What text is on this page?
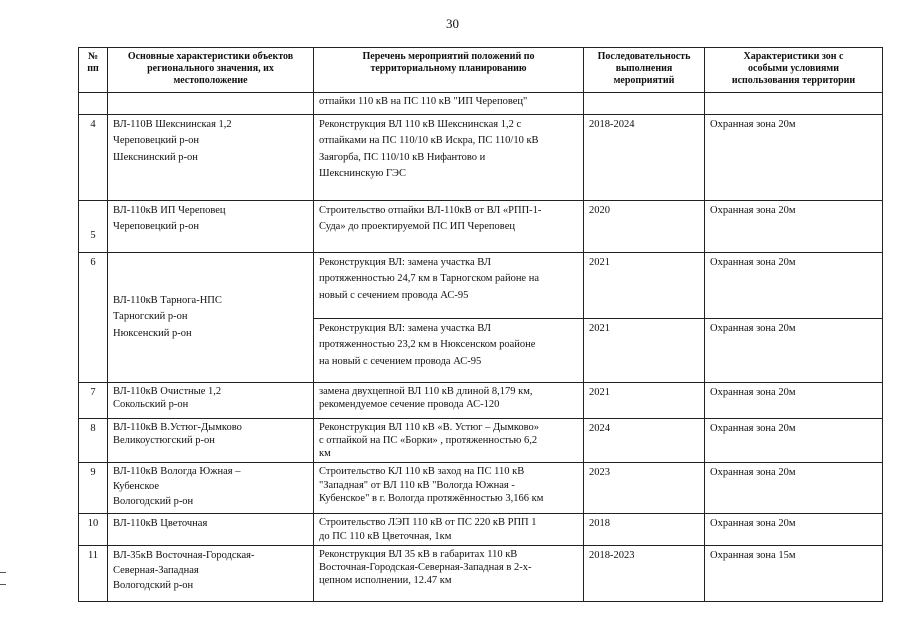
30
№
пп	Основные характеристики объектов
регионального значения, их
местоположение	Перечень мероприятий положений по
территориальному планированию	Последовательность
выполнения
мероприятий	Характеристики зон с
особыми условиями
использования территории

		отпайки 110 кВ на ПС 110 кВ "ИП Череповец"		
4	ВЛ-110В Шекснинская 1,2
Череповецкий р-он
Шекснинский р-он	Реконструкция ВЛ 110 кВ Шекснинская 1,2 с
отпайками на ПС 110/10 кВ Искра, ПС 110/10 кВ
Заягорба, ПС 110/10 кВ Нифантово и
Шекснинскую ГЭС	2018-2024	Охранная зона 20м
5	ВЛ-110кВ ИП Череповец
Череповецкий р-он	Строительство отпайки ВЛ-110кВ от ВЛ «РПП-1-
Суда» до проектируемой ПС ИП Череповец	2020	Охранная зона 20м
6	ВЛ-110кВ Тарнога-НПС
Тарногский р-он
Нюксенский р-он	Реконструкция ВЛ: замена участка ВЛ
протяженностью 24,7 км в Тарногском районе на
новый с сечением провода АС-95	2021	Охранная зона 20м

		Реконструкция ВЛ: замена участка ВЛ
протяженностью 23,2 км в Нюксенском роайоне
на новый с сечением провода АС-95	2021	Охранная зона 20м
7	ВЛ-110кВ Очистные 1,2
Сокольский р-он	замена двухцепной ВЛ 110 кВ длиной 8,179 км,
рекомендуемое сечение провода АС-120	2021	Охранная зона 20м
8	ВЛ-110кВ В.Устюг-Дымково
Великоустюгский р-он	Реконструкция ВЛ 110 кВ «В. Устюг – Дымково»
с отпайкой на ПС «Борки» , протяженностью 6,2
км	2024	Охранная зона 20м
9	ВЛ-110кВ Вологда Южная –
Кубенское
Вологодский р-он	Строительство КЛ 110 кВ заход на ПС 110 кВ
"Западная" от ВЛ 110 кВ "Вологда Южная -
Кубенское" в г. Вологда протяжённостью 3,166 км	2023	Охранная зона 20м
10	ВЛ-110кВ Цветочная	Строительство ЛЭП 110 кВ от ПС 220 кВ РПП 1
до ПС 110 кВ Цветочная, 1км	2018	Охранная зона 20м
11	ВЛ-35кВ Восточная-Городская-
Северная-Западная
Вологодский р-он	Реконструкция ВЛ 35 кВ в габаритах 110 кВ
Восточная-Городская-Северная-Западная в 2-х-
цепном исполнении, 12.47 км	2018-2023	Охранная зона 15м
